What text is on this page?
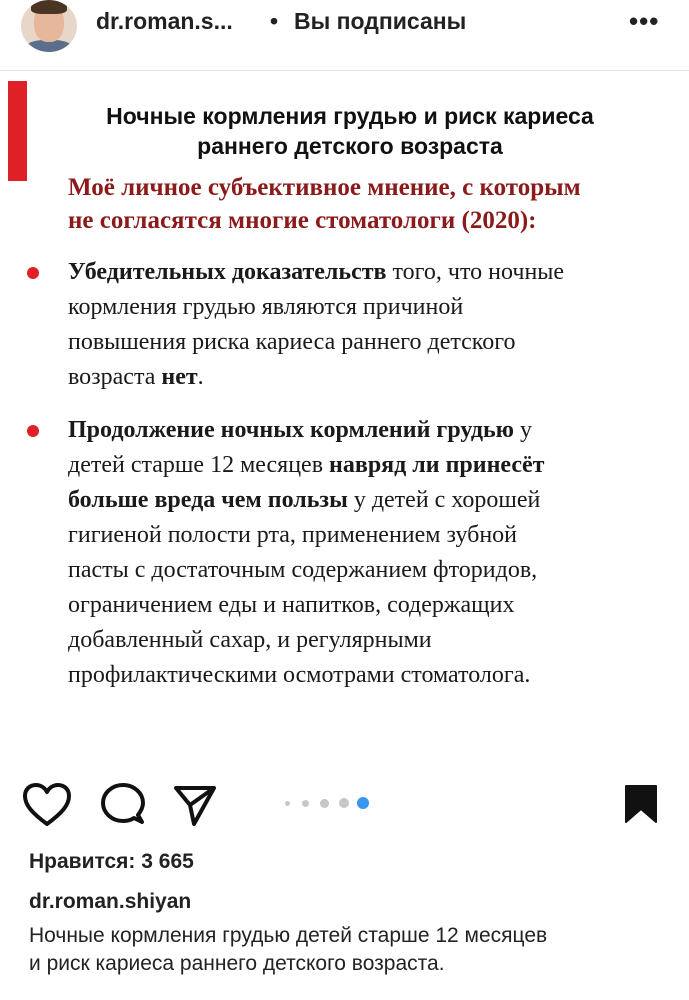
dr.roman.s... • Вы подписаны	•••
Ночные кормления грудью и риск кариеса
раннего детского возраста
Моё личное субъективное мнение, с которым
не согласятся многие стоматологи (2020):
Убедительных доказательств того, что ночные
кормления грудью являются причиной
повышения риска кариеса раннего детского
возраста нет.
Продолжение ночных кормлений грудью у
детей старше 12 месяцев навряд ли принесёт
больше вреда чем пользы у детей с хорошей
гигиеной полости рта, применением зубной
пасты с достаточным содержанием фторидов,
ограничением еды и напитков, содержащих
добавленный сахар, и регулярными
профилактическими осмотрами стоматолога.
Нравится: 3 665
dr.roman.shiyan
Ночные кормления грудью детей старше 12 месяцев
и риск кариеса раннего детского возраста.
